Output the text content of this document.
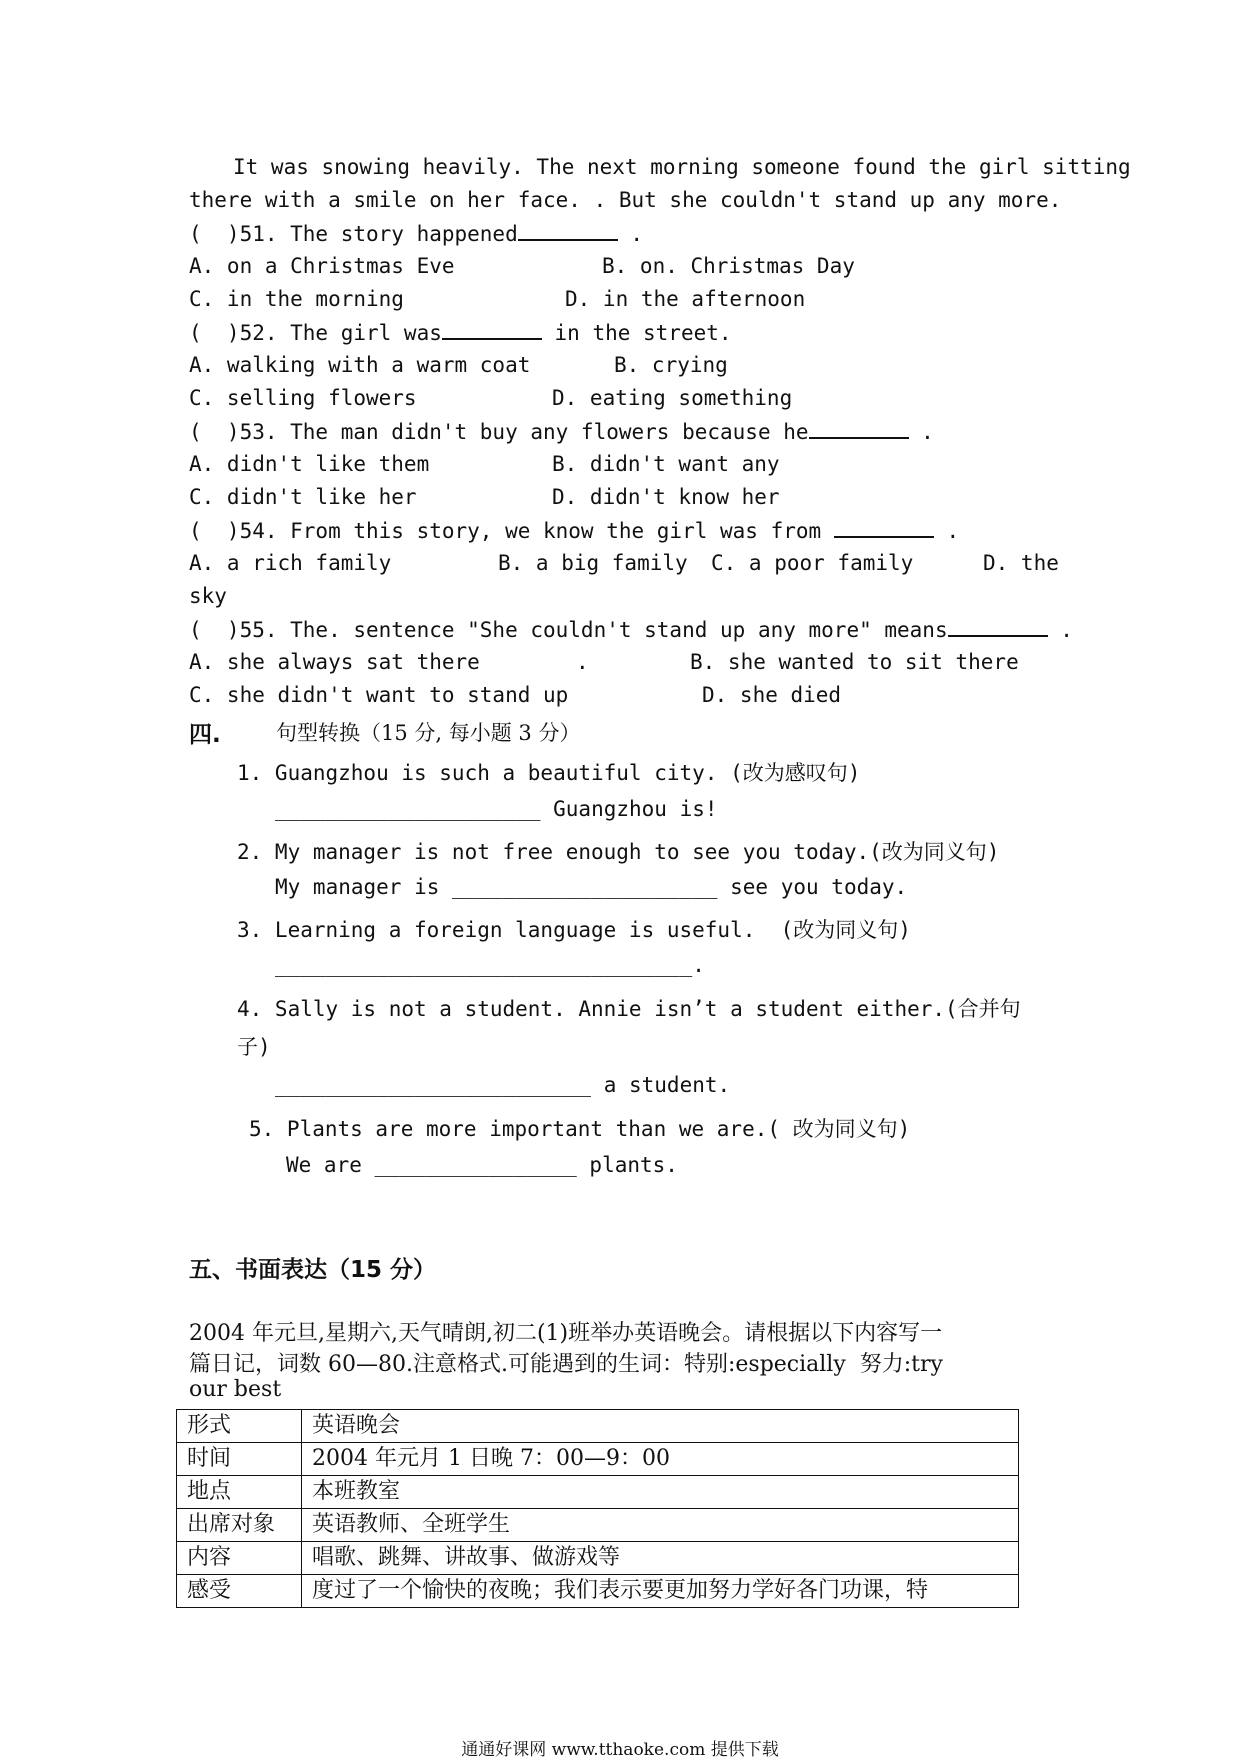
It was snowing heavily. The next morning someone found the girl sitting
there with a smile on her face. . But she couldn't stand up any more.
(  )51. The story happened	.
A. on a Christmas Eve	B. on. Christmas Day
C. in the morning	D. in the afternoon
(  )52. The girl was	in the street.
A. walking with a warm coat	B. crying
C. selling flowers	D. eating something
(  )53. The man didn't buy any flowers because he	.
A. didn't like them	B. didn't want any
C. didn't like her	D. didn't know her
(  )54. From this story, we know the girl was from	.
A. a rich family	B. a big family C. a poor family	D. the
sky
(  )55. The. sentence "She couldn't stand up any more" means	.
A. she always sat there	.	B. she wanted to sit there
C. she didn't want to stand up	D. she died
四.	句型转换（15 分, 每小题 3 分）
1. Guangzhou is such a beautiful city. (改为感叹句)
_____________________ Guangzhou is!
2. My manager is not free enough to see you today.(改为同义句)
My manager is _____________________ see you today.
3. Learning a foreign language is useful.  (改为同义句)
_________________________________.
4. Sally is not a student. Annie isn’t a student either.(合并句
子)
_________________________ a student.
5. Plants are more important than we are.( 改为同义句)
We are ________________ plants.
五、书面表达（15 分）
2004 年元旦,星期六,天气晴朗,初二(1)班举办英语晚会。请根据以下内容写一
篇日记，词数 60—80.注意格式.可能遇到的生词：特别:especially  努力:try
our best
形式	英语晚会
时间	2004 年元月 1 日晚 7：00—9：00
地点	本班教室
出席对象	英语教师、全班学生
内容	唱歌、跳舞、讲故事、做游戏等
感受	度过了一个愉快的夜晚；我们表示要更加努力学好各门功课，特
通通好课网 www.tthaoke.com 提供下载
